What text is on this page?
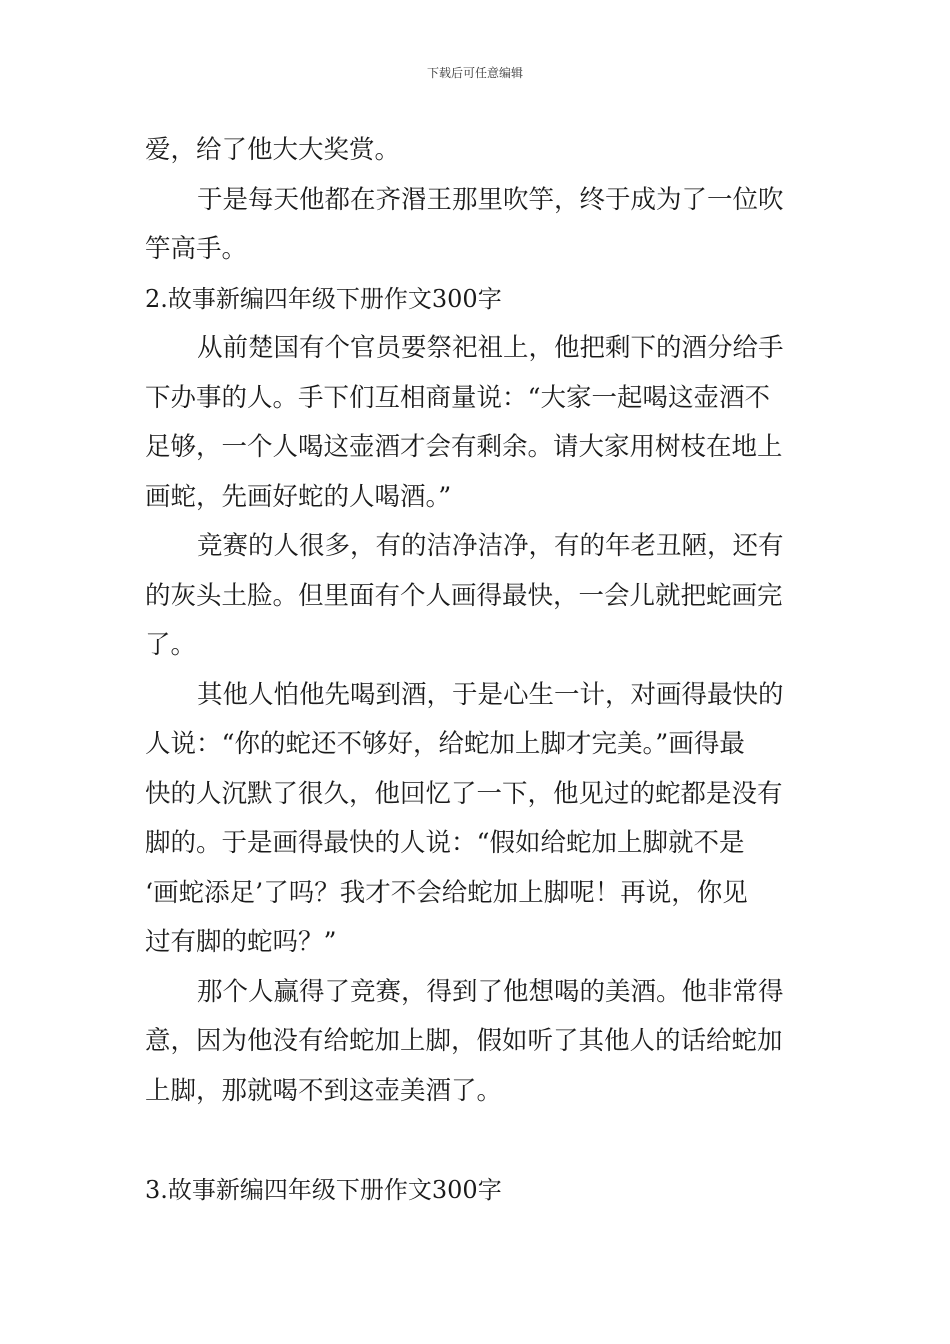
下载后可任意编辑
爱，给了他大大奖赏。
于是每天他都在齐湣王那里吹竽，终于成为了一位吹
竽高手。
2.故事新编四年级下册作文300字
从前楚国有个官员要祭祀祖上，他把剩下的酒分给手
下办事的人。手下们互相商量说：“大家一起喝这壶酒不
足够，一个人喝这壶酒才会有剩余。请大家用树枝在地上
画蛇，先画好蛇的人喝酒。”
竞赛的人很多，有的洁净洁净，有的年老丑陋，还有
的灰头土脸。但里面有个人画得最快，一会儿就把蛇画完
了。
其他人怕他先喝到酒，于是心生一计，对画得最快的
人说：“你的蛇还不够好，给蛇加上脚才完美。”画得最
快的人沉默了很久，他回忆了一下，他见过的蛇都是没有
脚的。于是画得最快的人说：“假如给蛇加上脚就不是
‘画蛇添足’了吗？我才不会给蛇加上脚呢！再说，你见
过有脚的蛇吗？”
那个人赢得了竞赛，得到了他想喝的美酒。他非常得
意，因为他没有给蛇加上脚，假如听了其他人的话给蛇加
上脚，那就喝不到这壶美酒了。
3.故事新编四年级下册作文300字
